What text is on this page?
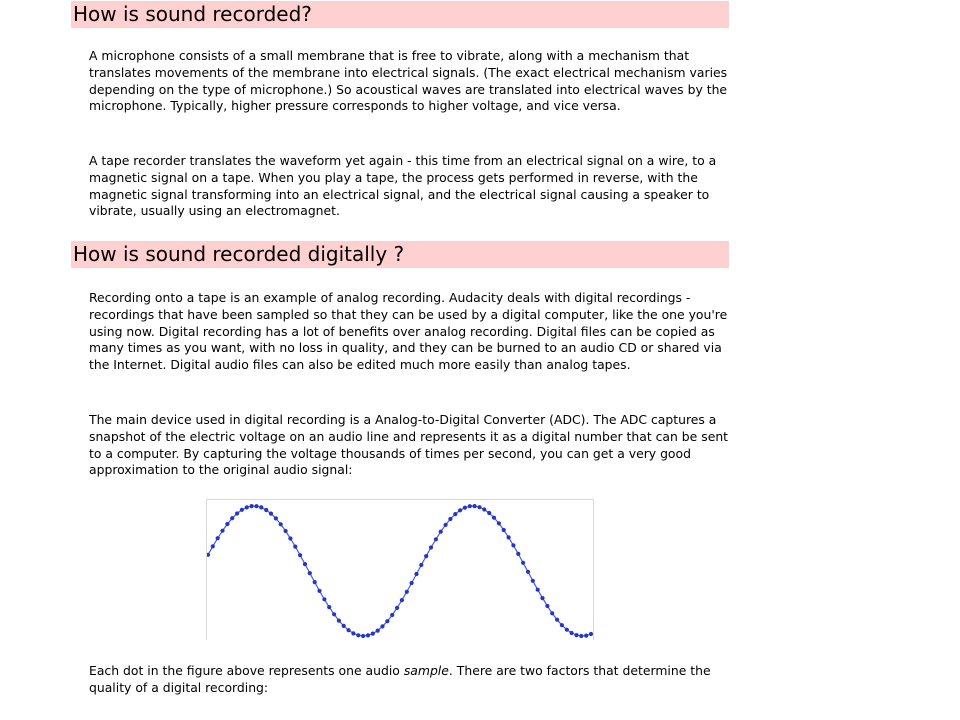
How is sound recorded?

A microphone consists of a small membrane that is free to vibrate, along with a mechanism that translates movements of the membrane into electrical signals. (The exact electrical mechanism varies depending on the type of microphone.) So acoustical waves are translated into electrical waves by the microphone. Typically, higher pressure corresponds to higher voltage, and vice versa.

A tape recorder translates the waveform yet again - this time from an electrical signal on a wire, to a magnetic signal on a tape. When you play a tape, the process gets performed in reverse, with the magnetic signal transforming into an electrical signal, and the electrical signal causing a speaker to vibrate, usually using an electromagnet.

How is sound recorded digitally ?

Recording onto a tape is an example of analog recording. Audacity deals with digital recordings - recordings that have been sampled so that they can be used by a digital computer, like the one you're using now. Digital recording has a lot of benefits over analog recording. Digital files can be copied as many times as you want, with no loss in quality, and they can be burned to an audio CD or shared via the Internet. Digital audio files can also be edited much more easily than analog tapes.

The main device used in digital recording is a Analog-to-Digital Converter (ADC). The ADC captures a snapshot of the electric voltage on an audio line and represents it as a digital number that can be sent to a computer. By capturing the voltage thousands of times per second, you can get a very good approximation to the original audio signal:

Each dot in the figure above represents one audio sample. There are two factors that determine the quality of a digital recording:
